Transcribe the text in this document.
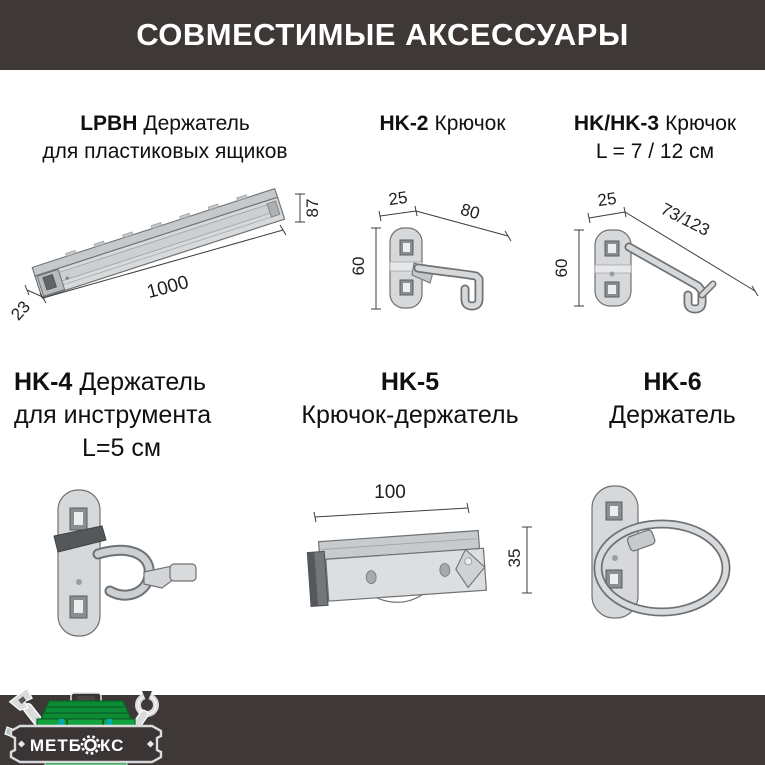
СОВМЕСТИМЫЕ АКСЕССУАРЫ
LPBH Держатель
для пластиковых ящиков
HK-2 Крючок	HK/HK-3 Крючок
L = 7 / 12 см
87
1000
23
25
80
60
25 73/123
60
HK-4 Держатель
для инструмента
L=5 см
HK-5
Крючок-держатель
HK-6
Держатель
100
35
МЕТБ КС
